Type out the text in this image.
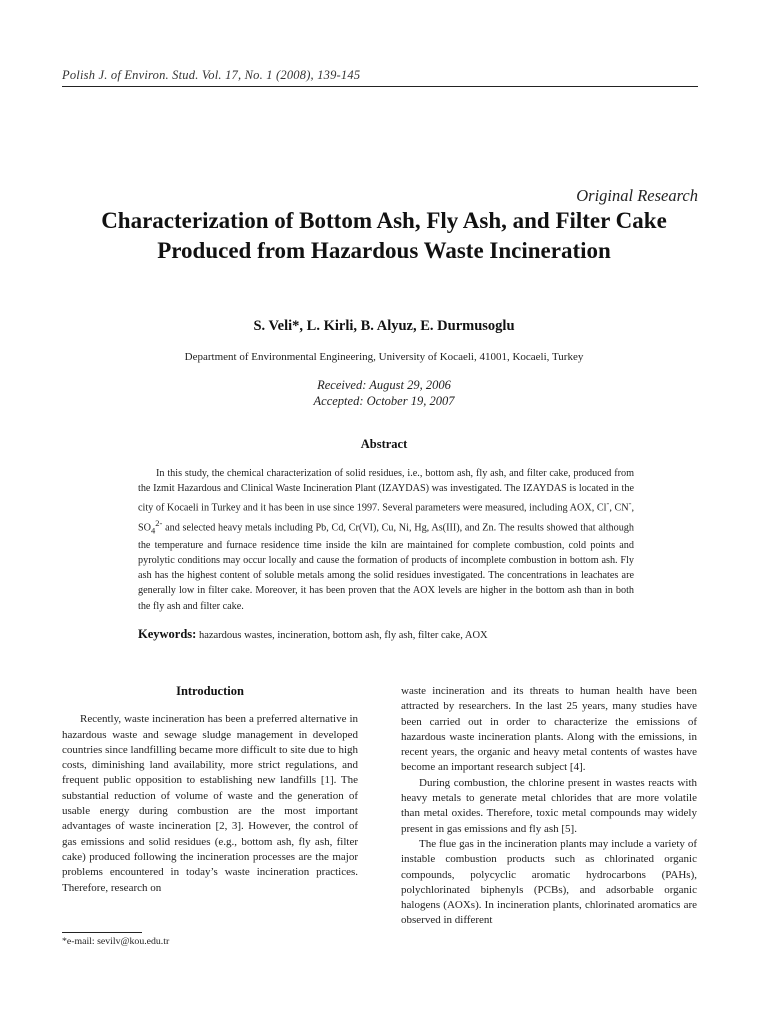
Polish J. of Environ. Stud. Vol. 17, No. 1 (2008), 139-145
Original Research
Characterization of Bottom Ash, Fly Ash, and Filter Cake Produced from Hazardous Waste Incineration
S. Veli*, L. Kirli, B. Alyuz, E. Durmusoglu
Department of Environmental Engineering, University of Kocaeli, 41001, Kocaeli, Turkey
Received: August 29, 2006
Accepted: October 19, 2007
Abstract
In this study, the chemical characterization of solid residues, i.e., bottom ash, fly ash, and filter cake, produced from the Izmit Hazardous and Clinical Waste Incineration Plant (IZAYDAS) was investigated. The IZAYDAS is located in the city of Kocaeli in Turkey and it has been in use since 1997. Several parameters were measured, including AOX, Cl-, CN-, $SO_4^{2-}$ and selected heavy metals including Pb, Cd, Cr(VI), Cu, Ni, Hg, As(III), and Zn. The results showed that although the temperature and furnace residence time inside the kiln are maintained for complete combustion, cold points and pyrolytic conditions may occur locally and cause the formation of products of incomplete combustion in bottom ash. Fly ash has the highest content of soluble metals among the solid residues investigated. The concentrations in leachates are generally low in filter cake. Moreover, it has been proven that the AOX levels are higher in the bottom ash than in both the fly ash and filter cake.
Keywords: hazardous wastes, incineration, bottom ash, fly ash, filter cake, AOX
Introduction

Recently, waste incineration has been a preferred alternative in hazardous waste and sewage sludge management in developed countries since landfilling became more difficult to site due to high costs, diminishing land availability, more strict regulations, and frequent public opposition to establishing new landfills [1]. The substantial reduction of volume of waste and the generation of usable energy during combustion are the most important advantages of waste incineration [2, 3]. However, the control of gas emissions and solid residues (e.g., bottom ash, fly ash, filter cake) produced following the incineration processes are the major problems encountered in today’s waste incineration practices. Therefore, research on

waste incineration and its threats to human health have been attracted by researchers. In the last 25 years, many studies have been carried out in order to characterize the emissions of hazardous waste incineration plants. Along with the emissions, in recent years, the organic and heavy metal contents of wastes have become an important research subject [4].

During combustion, the chlorine present in wastes reacts with heavy metals to generate metal chlorides that are more volatile than metal oxides. Therefore, toxic metal compounds may widely present in gas emissions and fly ash [5].

The flue gas in the incineration plants may include a variety of instable combustion products such as chlorinated organic compounds, polycyclic aromatic hydrocarbons (PAHs), polychlorinated biphenyls (PCBs), and adsorbable organic halogens (AOXs). In incineration plants, chlorinated aromatics are observed in different

*e-mail: sevilv@kou.edu.tr
